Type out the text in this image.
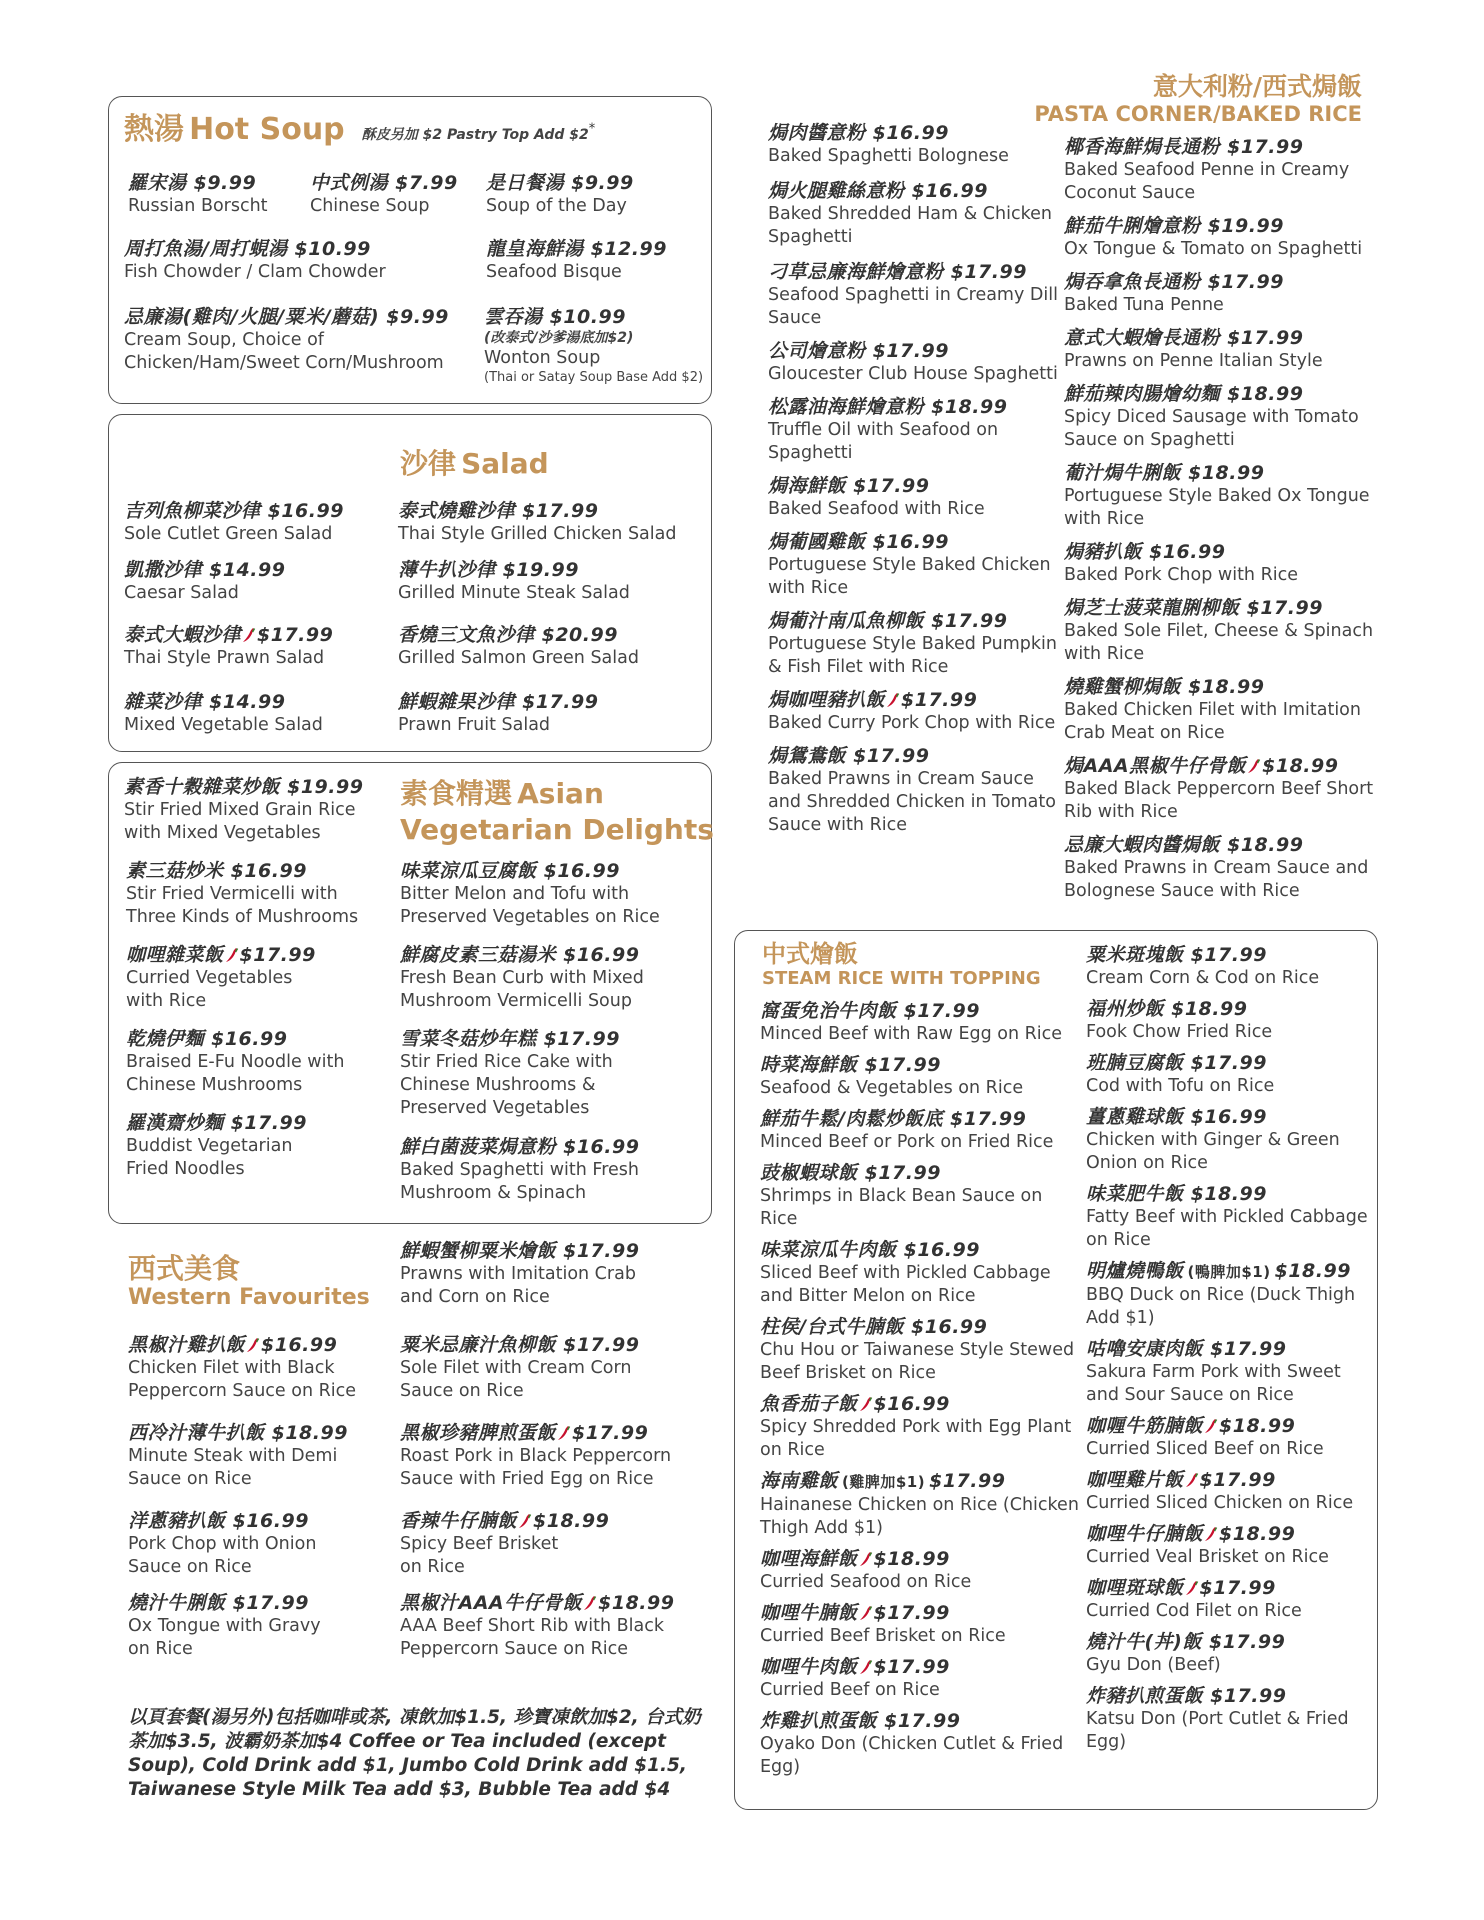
熱湯 Hot Soup 酥皮另加 $2 Pastry Top Add $2*
羅宋湯 $9.99
Russian Borscht
中式例湯 $7.99
Chinese Soup
是日餐湯 $9.99
Soup of the Day
周打魚湯/周打蜆湯 $10.99
Fish Chowder / Clam Chowder
龍皇海鮮湯 $12.99
Seafood Bisque
忌廉湯(雞肉/火腿/粟米/蘑菇) $9.99
Cream Soup, Choice of Chicken/Ham/Sweet Corn/Mushroom
雲吞湯 $10.99
(改泰式/沙爹湯底加$2)
Wonton Soup
(Thai or Satay Soup Base Add $2)
沙律 Salad
吉列魚柳菜沙律 $16.99
Sole Cutlet Green Salad
泰式燒雞沙律 $17.99
Thai Style Grilled Chicken Salad
凱撒沙律 $14.99
Caesar Salad
薄牛扒沙律 $19.99
Grilled Minute Steak Salad
泰式大蝦沙律 $17.99
Thai Style Prawn Salad
香燒三文魚沙律 $20.99
Grilled Salmon Green Salad
雜菜沙律 $14.99
Mixed Vegetable Salad
鮮蝦雜果沙律 $17.99
Prawn Fruit Salad
素食精選 Asian
Vegetarian Delights
素香十穀雜菜炒飯 $19.99
Stir Fried Mixed Grain Rice with Mixed Vegetables
素三菇炒米 $16.99
Stir Fried Vermicelli with Three Kinds of Mushrooms
味菜涼瓜豆腐飯 $16.99
Bitter Melon and Tofu with Preserved Vegetables on Rice
咖哩雜菜飯 $17.99
Curried Vegetables with Rice
鮮腐皮素三菇湯米 $16.99
Fresh Bean Curb with Mixed Mushroom Vermicelli Soup
乾燒伊麵 $16.99
Braised E-Fu Noodle with Chinese Mushrooms
雪菜冬菇炒年糕 $17.99
Stir Fried Rice Cake with Chinese Mushrooms & Preserved Vegetables
羅漢齋炒麵 $17.99
Buddist Vegetarian Fried Noodles
鮮白菌菠菜焗意粉 $16.99
Baked Spaghetti with Fresh Mushroom & Spinach
西式美食
Western Favourites
鮮蝦蟹柳粟米燴飯 $17.99
Prawns with Imitation Crab and Corn on Rice
黑椒汁雞扒飯 $16.99
Chicken Filet with Black Peppercorn Sauce on Rice
粟米忌廉汁魚柳飯 $17.99
Sole Filet with Cream Corn Sauce on Rice
西冷汁薄牛扒飯 $18.99
Minute Steak with Demi Sauce on Rice
黑椒珍豬脾煎蛋飯 $17.99
Roast Pork in Black Peppercorn Sauce with Fried Egg on Rice
洋蔥豬扒飯 $16.99
Pork Chop with Onion Sauce on Rice
香辣牛仔腩飯 $18.99
Spicy Beef Brisket on Rice
燒汁牛脷飯 $17.99
Ox Tongue with Gravy on Rice
黑椒汁AAA牛仔骨飯 $18.99
AAA Beef Short Rib with Black Peppercorn Sauce on Rice
以頁套餐(湯另外)包括咖啡或茶, 凍飲加$1.5, 珍寶凍飲加$2, 台式奶茶加$3.5, 波霸奶茶加$4 Coffee or Tea included (except Soup), Cold Drink add $1, Jumbo Cold Drink add $1.5, Taiwanese Style Milk Tea add $3, Bubble Tea add $4
意大利粉/西式焗飯
PASTA CORNER/BAKED RICE
焗肉醬意粉 $16.99
Baked Spaghetti Bolognese
焗火腿雞絲意粉 $16.99
Baked Shredded Ham & Chicken Spaghetti
刁草忌廉海鮮燴意粉 $17.99
Seafood Spaghetti in Creamy Dill Sauce
公司燴意粉 $17.99
Gloucester Club House Spaghetti
松露油海鮮燴意粉 $18.99
Truffle Oil with Seafood on Spaghetti
焗海鮮飯 $17.99
Baked Seafood with Rice
焗葡國雞飯 $16.99
Portuguese Style Baked Chicken with Rice
焗葡汁南瓜魚柳飯 $17.99
Portuguese Style Baked Pumpkin & Fish Filet with Rice
焗咖哩豬扒飯 $17.99
Baked Curry Pork Chop with Rice
焗鴛鴦飯 $17.99
Baked Prawns in Cream Sauce and Shredded Chicken in Tomato Sauce with Rice
椰香海鮮焗長通粉 $17.99
Baked Seafood Penne in Creamy Coconut Sauce
鮮茄牛脷燴意粉 $19.99
Ox Tongue & Tomato on Spaghetti
焗吞拿魚長通粉 $17.99
Baked Tuna Penne
意式大蝦燴長通粉 $17.99
Prawns on Penne Italian Style
鮮茄辣肉腸燴幼麵 $18.99
Spicy Diced Sausage with Tomato Sauce on Spaghetti
葡汁焗牛脷飯 $18.99
Portuguese Style Baked Ox Tongue with Rice
焗豬扒飯 $16.99
Baked Pork Chop with Rice
焗芝士菠菜龍脷柳飯 $17.99
Baked Sole Filet, Cheese & Spinach with Rice
燒雞蟹柳焗飯 $18.99
Baked Chicken Filet with Imitation Crab Meat on Rice
焗AAA黑椒牛仔骨飯 $18.99
Baked Black Peppercorn Beef Short Rib with Rice
忌廉大蝦肉醬焗飯 $18.99
Baked Prawns in Cream Sauce and Bolognese Sauce with Rice
中式燴飯
STEAM RICE WITH TOPPING
窩蛋免治牛肉飯 $17.99
Minced Beef with Raw Egg on Rice
時菜海鮮飯 $17.99
Seafood & Vegetables on Rice
鮮茄牛鬆/肉鬆炒飯底 $17.99
Minced Beef or Pork on Fried Rice
豉椒蝦球飯 $17.99
Shrimps in Black Bean Sauce on Rice
味菜涼瓜牛肉飯 $16.99
Sliced Beef with Pickled Cabbage and Bitter Melon on Rice
柱侯/台式牛腩飯 $16.99
Chu Hou or Taiwanese Style Stewed Beef Brisket on Rice
魚香茄子飯 $16.99
Spicy Shredded Pork with Egg Plant on Rice
海南雞飯 (雞脾加$1) $17.99
Hainanese Chicken on Rice (Chicken Thigh Add $1)
咖哩海鮮飯 $18.99
Curried Seafood on Rice
咖哩牛腩飯 $17.99
Curried Beef Brisket on Rice
咖哩牛肉飯 $17.99
Curried Beef on Rice
炸雞扒煎蛋飯 $17.99
Oyako Don (Chicken Cutlet & Fried Egg)
粟米斑塊飯 $17.99
Cream Corn & Cod on Rice
福州炒飯 $18.99
Fook Chow Fried Rice
班腩豆腐飯 $17.99
Cod with Tofu on Rice
薑蔥雞球飯 $16.99
Chicken with Ginger & Green Onion on Rice
味菜肥牛飯 $18.99
Fatty Beef with Pickled Cabbage on Rice
明爐燒鴨飯 (鴨脾加$1) $18.99
BBQ Duck on Rice (Duck Thigh Add $1)
咕嚕安康肉飯 $17.99
Sakura Farm Pork with Sweet and Sour Sauce on Rice
咖喱牛筋腩飯 $18.99
Curried Sliced Beef on Rice
咖哩雞片飯 $17.99
Curried Sliced Chicken on Rice
咖哩牛仔腩飯 $18.99
Curried Veal Brisket on Rice
咖哩斑球飯 $17.99
Curried Cod Filet on Rice
燒汁牛(丼)飯 $17.99
Gyu Don (Beef)
炸豬扒煎蛋飯 $17.99
Katsu Don (Port Cutlet & Fried Egg)
